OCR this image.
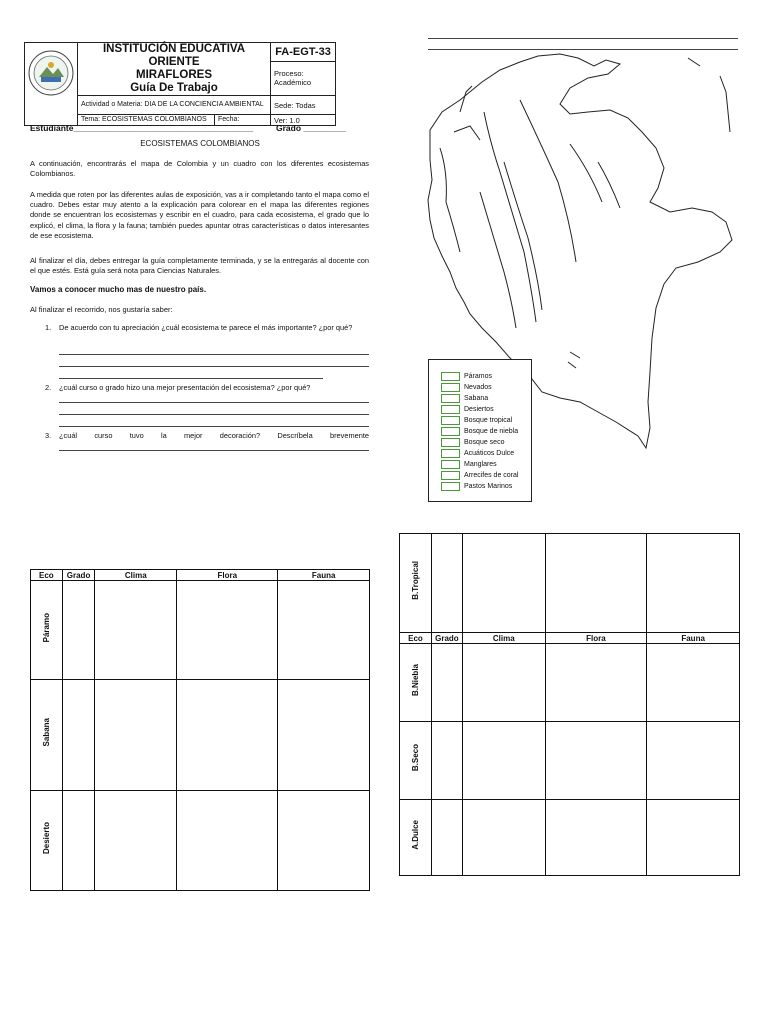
	INSTITUCIÓN EDUCATIVA ORIENTE
MIRAFLORES
Guía De Trabajo		FA-EGT-33
			Proceso: Académico
	Actividad o Materia: DIA DE LA CONCIENCIA AMBIENTAL		Sede: Todas
	Tema: ECOSISTEMAS COLOMBIANOS	Fecha:	Ver: 1.0
Estudiante______________________________________	Grado _________
ECOSISTEMAS COLOMBIANOS
A continuación, encontrarás el mapa de Colombia y un cuadro con los diferentes ecosistemas Colombianos.
A medida que roten por las diferentes aulas de exposición, vas a ir completando tanto el mapa como el cuadro. Debes estar muy atento a la explicación para colorear en el mapa las diferentes regiones donde se encuentran los ecosistemas y escribir en el cuadro, para cada ecosistema, el grado que lo explicó, el clima, la flora y la fauna; también puedes apuntar otras características o datos interesantes de ese ecosistema.
Al finalizar el día, debes entregar la guía completamente terminada, y se la entregarás al docente con el que estés. Está guía será nota para Ciencias Naturales.
Vamos a conocer mucho mas de nuestro país.
Al finalizar el recorrido, nos gustaría saber:
1. De acuerdo con tu apreciación ¿cuál ecosistema te parece el más importante? ¿por qué?
2. ¿cuál curso o grado hizo una mejor presentación del ecosistema? ¿por qué?
3. ¿cuál curso tuvo la mejor decoración? Descríbela brevemente
Páramos
Nevados
Sabana
Desiertos
Bosque tropical
Bosque de niebla
Bosque seco
Acuáticos Dulce
Manglares
Arrecifes de coral
Pastos Marinos
Eco	Grado	Clima	Flora	Fauna
Páramo				
Sabana				
Desierto				
B.Tropical				
Eco	Grado	Clima	Flora	Fauna
B.Niebla				
B.Seco				
A.Dulce				
